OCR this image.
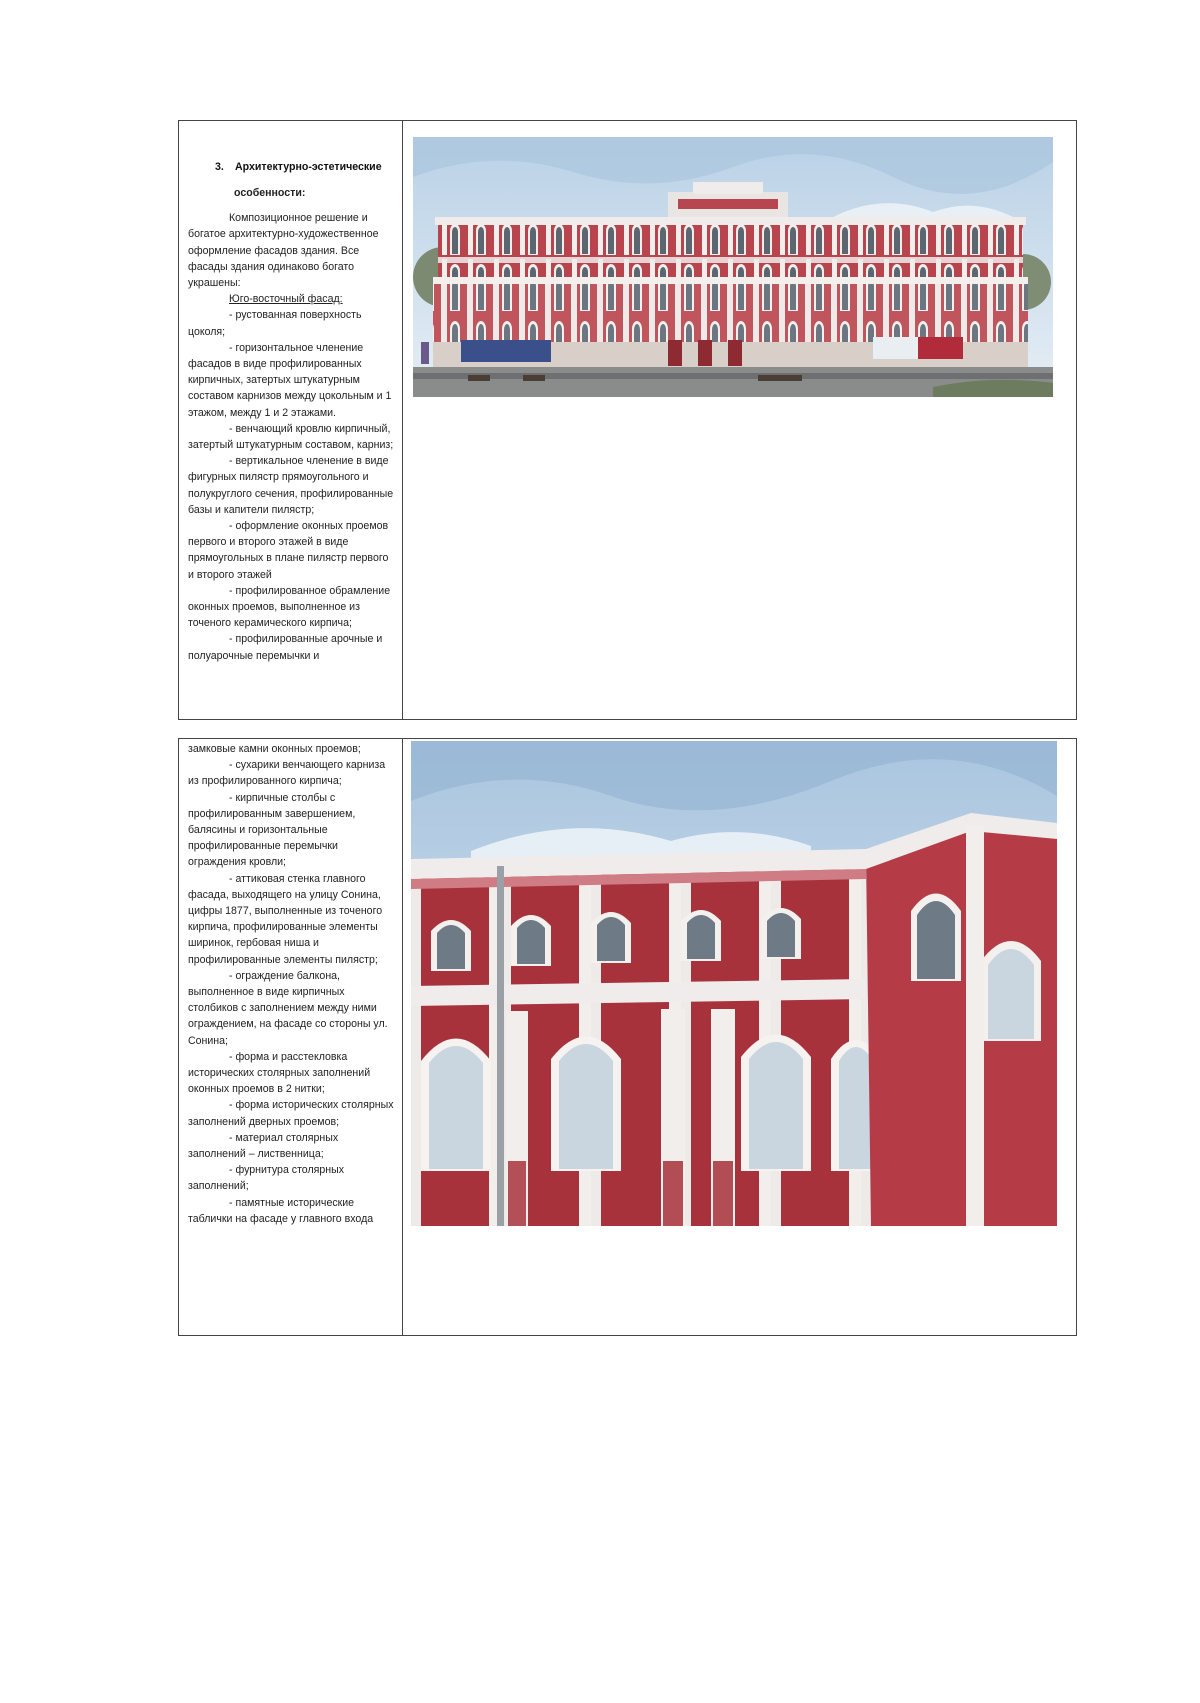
3. Архитектурно-эстетические
особенности:

Композиционное решение и богатое архитектурно-художественное оформление фасадов здания. Все фасады здания одинаково богато украшены:

Юго-восточный фасад:

- рустованная поверхность цоколя;

- горизонтальное членение фасадов в виде профилированных кирпичных, затертых штукатурным составом карнизов между цокольным и 1 этажом, между 1 и 2 этажами.

- венчающий кровлю кирпичный, затертый штукатурным составом, карниз;

- вертикальное членение в виде фигурных пилястр прямоугольного и полукруглого сечения, профилированные базы и капители пилястр;

- оформление оконных проемов первого и второго этажей в виде прямоугольных в плане пилястр первого и второго этажей

- профилированное обрамление оконных проемов, выполненное из точеного керамического кирпича;

- профилированные арочные и полуарочные перемычки и

замковые камни оконных проемов;

- сухарики венчающего карниза из профилированного кирпича;

- кирпичные столбы с профилированным завершением, балясины и горизонтальные профилированные перемычки ограждения кровли;

- аттиковая стенка главного фасада, выходящего на улицу Сонина, цифры 1877, выполненные из точеного кирпича, профилированные элементы ширинок, гербовая ниша и профилированные элементы пилястр;

- ограждение балкона, выполненное в виде кирпичных столбиков с заполнением между ними ограждением, на фасаде со стороны ул. Сонина;

- форма и расстекловка исторических столярных заполнений оконных проемов в 2 нитки;

- форма исторических столярных заполнений дверных проемов;

- материал столярных заполнений – лиственница;

- фурнитура столярных заполнений;

- памятные исторические таблички на фасаде у главного входа
